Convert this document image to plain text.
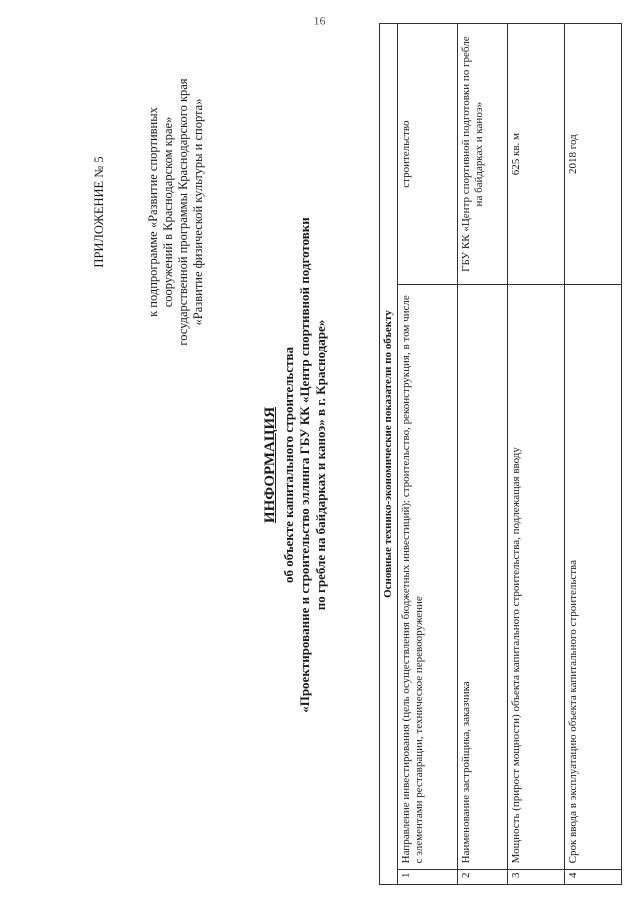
16
ПРИЛОЖЕНИЕ № 5	к подпрограмме «Развитие спортивных сооружений в Краснодарском крае» государственной программы Краснодарского края «Развитие физической культуры и спорта»
ИНФОРМАЦИЯ об объекте капитального строительства «Проектирование и строительство эллинга ГБУ КК «Центр спортивной подготовки по гребле на байдарках и каноэ» в г. Краснодаре»	Основные технико-экономические показатели по объекту		
1	Направление инвестирования (цель осуществления бюджетных инвестиций): строительство, реконструкция, в том числе с элементами реставрации, техническое перевооружение	строительство
2	Наименование застройщика, заказчика	ГБУ КК «Центр спортивной подготовки по гребле на байдарках и каноэ»
3	Мощность (прирост мощности) объекта капитального строительства, подлежащая вводу	625 кв. м
4	Срок ввода в эксплуатацию объекта капитального строительства	2018 год
